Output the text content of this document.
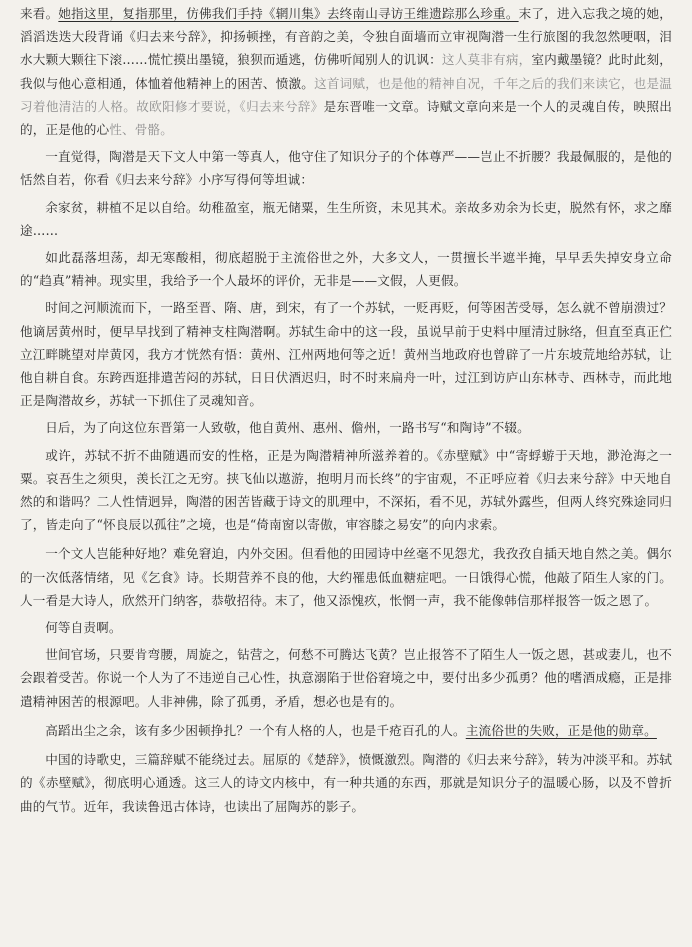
来看。她指这里，复指那里，仿佛我们手持《辋川集》去终南山寻访王维遗踪那么珍重。末了，进入忘我之境的她，滔滔迭迭大段背诵《归去来兮辞》，抑扬顿挫，有音韵之美，令独自面墙而立审视陶潜一生行旅图的我忽然哽咽，泪水大颗大颗往下滚……慌忙摸出墨镜，狼狈而遁逃，仿佛听闻别人的讥讽：这人莫非有病，室内戴墨镜？此时此刻，我似与他心意相通，体恤着他精神上的困苦、愤激。这首词赋，也是他的精神自况，千年之后的我们来读它，也是温习着他清洁的人格。故欧阳修才要说，《归去来兮辞》是东晋唯一文章。诗赋文章向来是一个人的灵魂自传，映照出的，正是他的心性、骨骼。

一直觉得，陶潜是天下文人中第一等真人，他守住了知识分子的个体尊严——岂止不折腰？我最佩服的，是他的恬然自若，你看《归去来兮辞》小序写得何等坦诚：

余家贫，耕植不足以自给。幼稚盈室，瓶无储粟，生生所资，未见其术。亲故多劝余为长吏，脱然有怀，求之靡途……

如此磊落坦荡，却无寒酸相，彻底超脱于主流俗世之外，大多文人，一贯擅长半遮半掩，早早丢失掉安身立命的“趋真”精神。现实里，我给予一个人最坏的评价，无非是——文假，人更假。

时间之河顺流而下，一路至晋、隋、唐，到宋，有了一个苏轼，一贬再贬，何等困苦受辱，怎么就不曾崩溃过？他谪居黄州时，便早早找到了精神支柱陶潜啊。苏轼生命中的这一段，虽说早前于史料中厘清过脉络，但直至真正伫立江畔眺望对岸黄冈，我方才恍然有悟：黄州、江州两地何等之近！黄州当地政府也曾辟了一片东坡荒地给苏轼，让他自耕自食。东跨西逛排遣苦闷的苏轼，日日伏酒迟归，时不时来扁舟一叶，过江到访庐山东林寺、西林寺，而此地正是陶潜故乡，苏轼一下抓住了灵魂知音。

日后，为了向这位东晋第一人致敬，他自黄州、惠州、儋州，一路书写“和陶诗”不辍。

或许，苏轼不折不曲随遇而安的性格，正是为陶潜精神所滋养着的。《赤壁赋》中“寄蜉蝣于天地，渺沧海之一粟。哀吾生之须臾，羡长江之无穷。挟飞仙以遨游，抱明月而长终”的宇宙观，不正呼应着《归去来兮辞》中天地自然的和谐吗？二人性情迥异，陶潜的困苦皆藏于诗文的肌理中，不深拓，看不见，苏轼外露些，但两人终究殊途同归了，皆走向了“怀良辰以孤往”之境，也是“倚南窗以寄傲，审容膝之易安”的向内求索。

一个文人岂能种好地？难免窘迫，内外交困。但看他的田园诗中丝毫不见怨尤，我孜孜自插天地自然之美。偶尔的一次低落情绪，见《乞食》诗。长期营养不良的他，大约罹患低血糖症吧。一日饿得心慌，他敲了陌生人家的门。人一看是大诗人，欣然开门纳客，恭敬招待。末了，他又添愧疚，怅惘一声，我不能像韩信那样报答一饭之恩了。

何等自责啊。

世间官场，只要肯弯腰，周旋之，钻营之，何愁不可腾达飞黄？岂止报答不了陌生人一饭之恩，甚或妻儿，也不会跟着受苦。你说一个人为了不违逆自己心性，执意溺陷于世俗窘境之中，要付出多少孤勇？他的嗜酒成瘾，正是排遣精神困苦的根源吧。人非神佛，除了孤勇，矛盾，想必也是有的。

高蹈出尘之余，该有多少困顿挣扎？一个有人格的人，也是千疮百孔的人。主流俗世的失败，正是他的勋章。

中国的诗歌史，三篇辞赋不能绕过去。屈原的《楚辞》，愤慨激烈。陶潜的《归去来兮辞》，转为冲淡平和。苏轼的《赤壁赋》，彻底明心通透。这三人的诗文内核中，有一种共通的东西，那就是知识分子的温暖心肠，以及不曾折曲的气节。近年，我读鲁迅古体诗，也读出了屈陶苏的影子。
